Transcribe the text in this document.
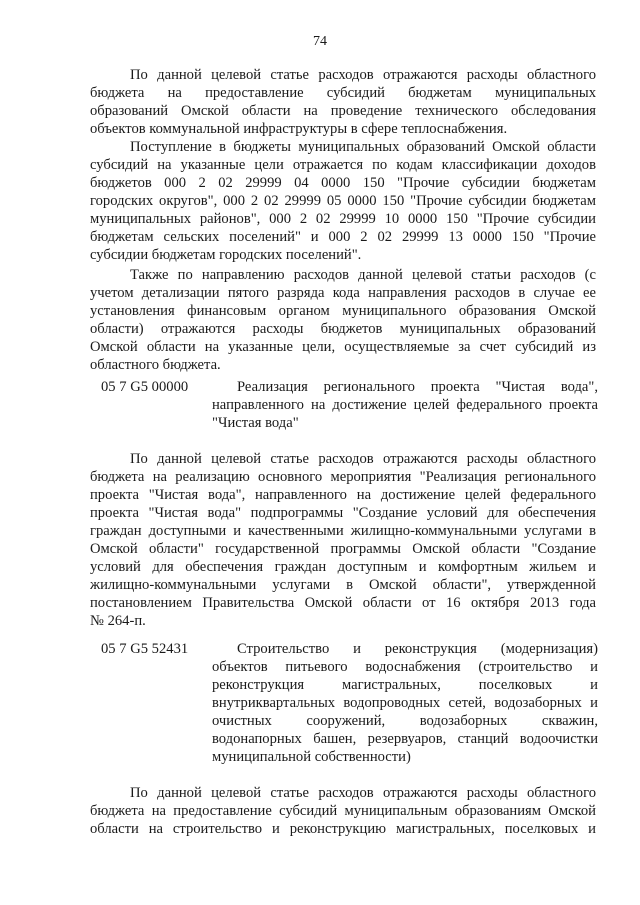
74
По данной целевой статье расходов отражаются расходы областного
бюджета на предоставление субсидий бюджетам муниципальных
образований Омской области на проведение технического обследования
объектов коммунальной инфраструктуры в сфере теплоснабжения.
Поступление в бюджеты муниципальных образований Омской области
субсидий на указанные цели отражается по кодам классификации доходов
бюджетов 000 2 02 29999 04 0000 150 "Прочие субсидии бюджетам
городских округов", 000 2 02 29999 05 0000 150 "Прочие субсидии бюджетам
муниципальных районов", 000 2 02 29999 10 0000 150 "Прочие субсидии
бюджетам сельских поселений" и 000 2 02 29999 13 0000 150 "Прочие
субсидии бюджетам городских поселений".
Также по направлению расходов данной целевой статьи расходов (с
учетом детализации пятого разряда кода направления расходов в случае ее
установления финансовым органом муниципального образования Омской
области) отражаются расходы бюджетов муниципальных образований
Омской области на указанные цели, осуществляемые за счет субсидий из
областного бюджета.
05 7 G5 00000	Реализация регионального проекта "Чистая вода",
направленного на достижение целей федерального проекта
"Чистая вода"
По данной целевой статье расходов отражаются расходы областного
бюджета на реализацию основного мероприятия "Реализация регионального
проекта "Чистая вода", направленного на достижение целей федерального
проекта "Чистая вода" подпрограммы "Создание условий для обеспечения
граждан доступными и качественными жилищно-коммунальными услугами в
Омской области" государственной программы Омской области "Создание
условий для обеспечения граждан доступным и комфортным жильем и
жилищно-коммунальными услугами в Омской области", утвержденной
постановлением Правительства Омской области от 16 октября 2013 года
№ 264-п.
05 7 G5 52431	Строительство и реконструкция (модернизация)
объектов питьевого водоснабжения (строительство и
реконструкция магистральных, поселковых и
внутриквартальных водопроводных сетей, водозаборных и
очистных сооружений, водозаборных скважин,
водонапорных башен, резервуаров, станций водоочистки
муниципальной собственности)
По данной целевой статье расходов отражаются расходы областного
бюджета на предоставление субсидий муниципальным образованиям Омской
области на строительство и реконструкцию магистральных, поселковых и
